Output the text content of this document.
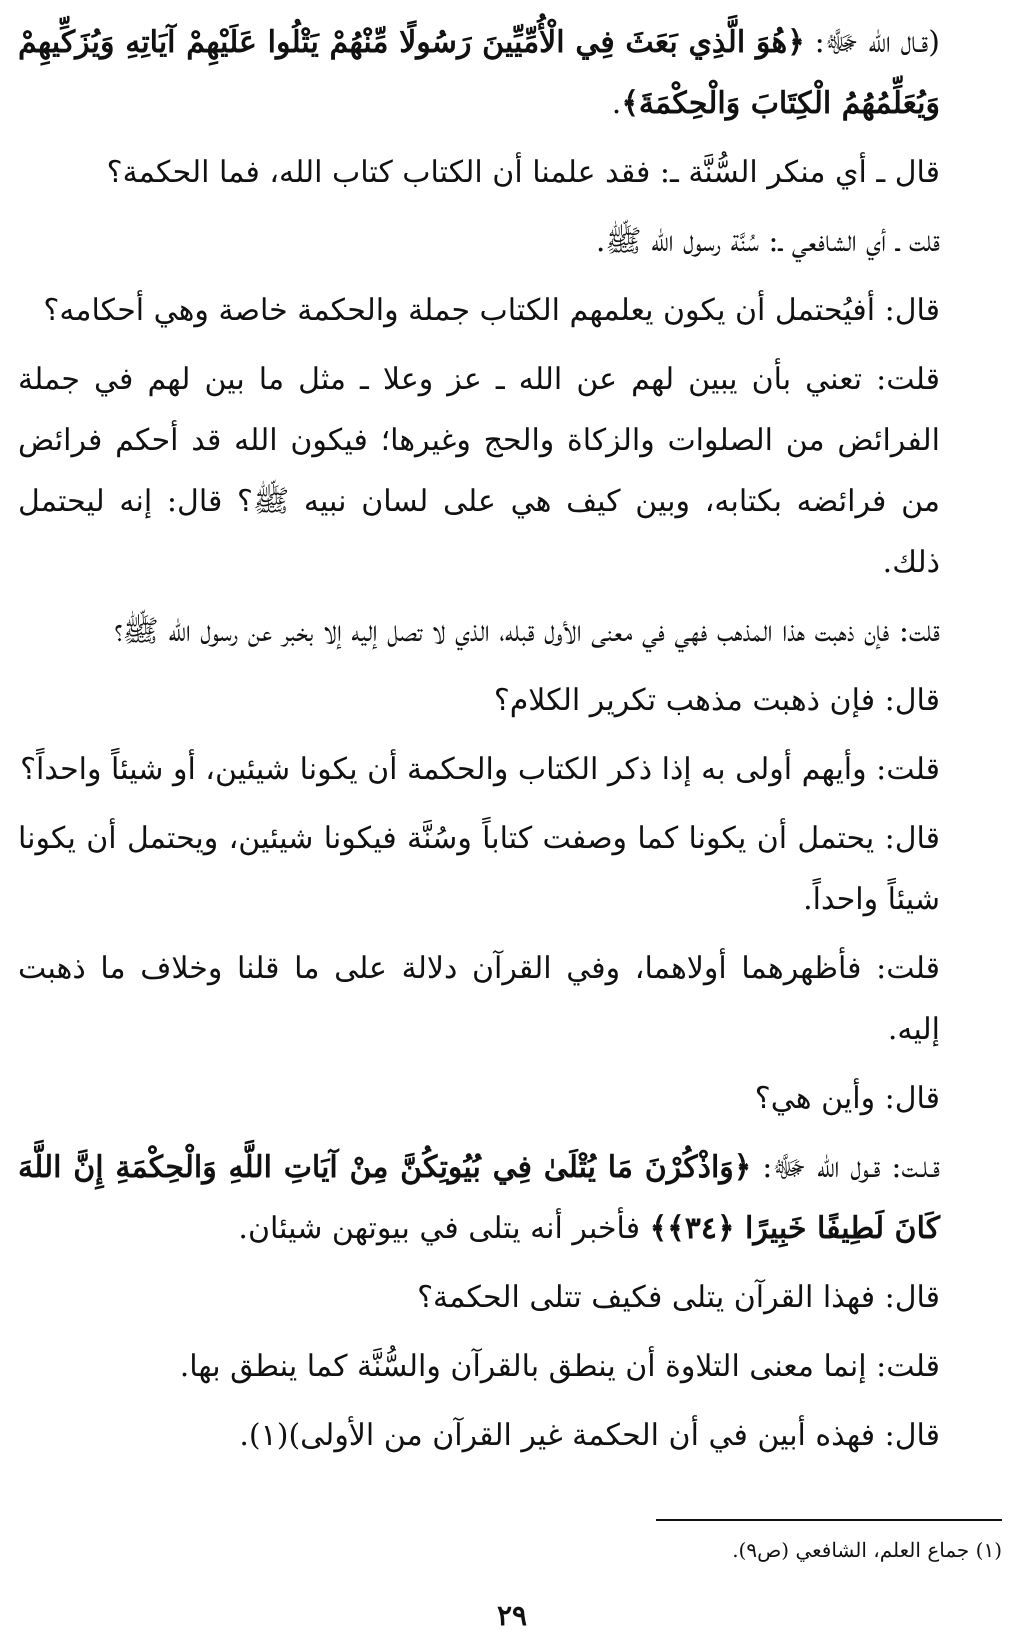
(قـال الله ﷻ: ﴿هُوَ الَّذِي بَعَثَ فِي الْأُمِّيِّينَ رَسُولًا مِّنْهُمْ يَتْلُوا عَلَيْهِمْ آيَاتِهِ وَيُزَكِّيهِمْ وَيُعَلِّمُهُمُ الْكِتَابَ وَالْحِكْمَةَ﴾.

قال ـ أي منكر السُّنَّة ـ: فقد علمنا أن الكتاب كتاب الله، فما الحكمة؟

قلت ـ أي الشافعي ـ: سُنَّة رسول الله ﷺ.

قال: أفيُحتمل أن يكون يعلمهم الكتاب جملة والحكمة خاصة وهي أحكامه؟

قلت: تعني بأن يبين لهم عن الله ـ عز وعلا ـ مثل ما بين لهم في جملة الفرائض من الصلوات والزكاة والحج وغيرها؛ فيكون الله قد أحكم فرائض من فرائضه بكتابه، وبين كيف هي على لسان نبيه ﷺ؟ قال: إنه ليحتمل ذلك.

قلت: فإن ذهبت هذا المذهب فهي في معنى الأول قبله، الذي لا تصل إليه إلا بخبر عن رسول الله ﷺ؟

قال: فإن ذهبت مذهب تكرير الكلام؟

قلت: وأيهم أولى به إذا ذكر الكتاب والحكمة أن يكونا شيئين، أو شيئاً واحداً؟

قال: يحتمل أن يكونا كما وصفت كتاباً وسُنَّة فيكونا شيئين، ويحتمل أن يكونا شيئاً واحداً.

قلت: فأظهرهما أولاهما، وفي القرآن دلالة على ما قلنا وخلاف ما ذهبت إليه.

قال: وأين هي؟

قـلـت: قـول الله ﷻ: ﴿وَاذْكُرْنَ مَا يُتْلَىٰ فِي بُيُوتِكُنَّ مِنْ آيَاتِ اللَّهِ وَالْحِكْمَةِ إِنَّ اللَّهَ كَانَ لَطِيفًا خَبِيرًا ﴿٣٤﴾﴾ فأخبر أنه يتلى في بيوتهن شيئان.

قال: فهذا القرآن يتلى فكيف تتلى الحكمة؟

قلت: إنما معنى التلاوة أن ينطق بالقرآن والسُّنَّة كما ينطق بها.

قال: فهذه أبين في أن الحكمة غير القرآن من الأولى)(١).

(١) جماع العلم، الشافعي (ص٩).
٢٩
